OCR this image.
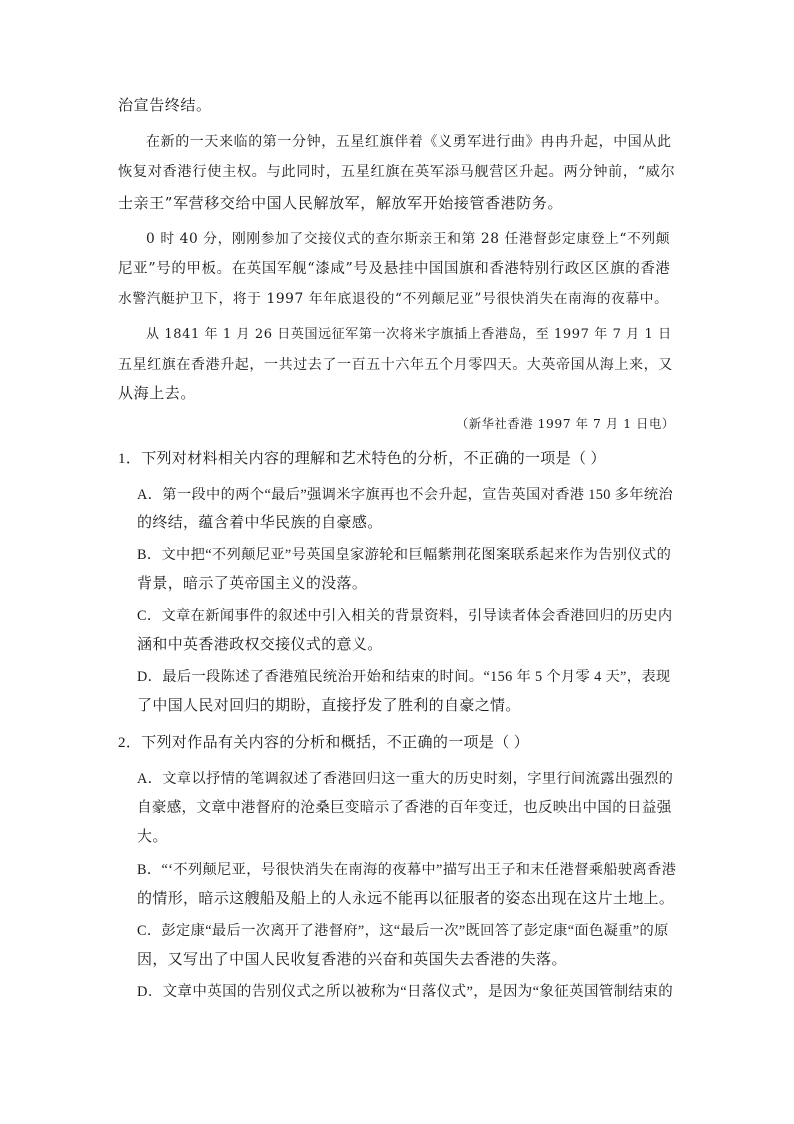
治宣告终结。
在新的一天来临的第一分钟，五星红旗伴着《义勇军进行曲》冉冉升起，中国从此
恢复对香港行使主权。与此同时，五星红旗在英军添马舰营区升起。两分钟前，“威尔
士亲王”军营移交给中国人民解放军，解放军开始接管香港防务。
0 时 40 分，刚刚参加了交接仪式的查尔斯亲王和第 28 任港督彭定康登上“不列颠
尼亚”号的甲板。在英国军舰“漆咸”号及悬挂中国国旗和香港特别行政区区旗的香港
水警汽艇护卫下，将于 1997 年年底退役的“不列颠尼亚”号很快消失在南海的夜幕中。
从 1841 年 1 月 26 日英国远征军第一次将米字旗插上香港岛，至 1997 年 7 月 1 日
五星红旗在香港升起，一共过去了一百五十六年五个月零四天。大英帝国从海上来，又
从海上去。
（新华社香港 1997 年 7 月 1 日电）
1．下列对材料相关内容的理解和艺术特色的分析，不正确的一项是（ ）
A．第一段中的两个“最后”强调米字旗再也不会升起，宣告英国对香港 150 多年统治
的终结，蕴含着中华民族的自豪感。
B．文中把“不列颠尼亚”号英国皇家游轮和巨幅紫荆花图案联系起来作为告别仪式的
背景，暗示了英帝国主义的没落。
C．文章在新闻事件的叙述中引入相关的背景资料，引导读者体会香港回归的历史内
涵和中英香港政权交接仪式的意义。
D．最后一段陈述了香港殖民统治开始和结束的时间。“156 年 5 个月零 4 天”，表现
了中国人民对回归的期盼，直接抒发了胜利的自豪之情。
2．下列对作品有关内容的分析和概括，不正确的一项是（ ）
A．文章以抒情的笔调叙述了香港回归这一重大的历史时刻，字里行间流露出强烈的
自豪感，文章中港督府的沧桑巨变暗示了香港的百年变迁，也反映出中国的日益强
大。
B．“‘不列颠尼亚，号很快消失在南海的夜幕中”描写出王子和末任港督乘船驶离香港
的情形，暗示这艘船及船上的人永远不能再以征服者的姿态出现在这片土地上。
C．彭定康“最后一次离开了港督府”，这“最后一次”既回答了彭定康“面色凝重”的原
因，又写出了中国人民收复香港的兴奋和英国失去香港的失落。
D．文章中英国的告别仪式之所以被称为“日落仪式”，是因为“象征英国管制结束的
